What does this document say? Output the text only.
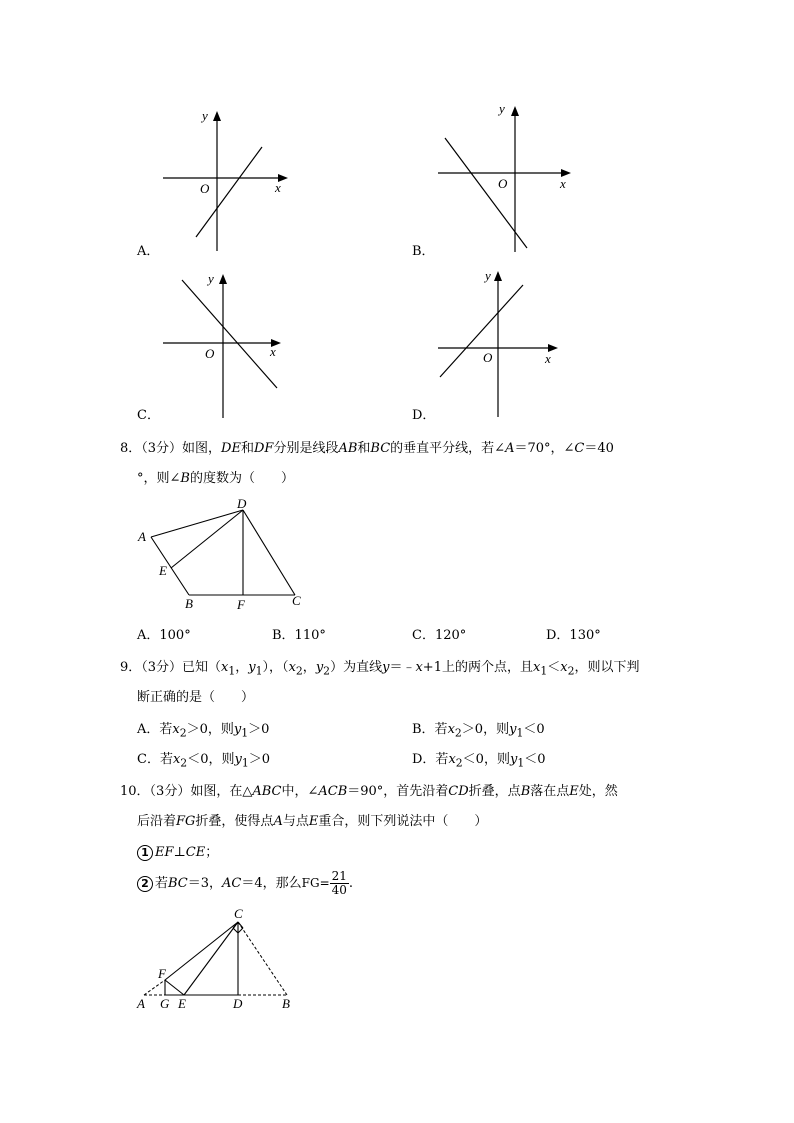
y
x
O
A．
y
x
O
B．
y
x
O
C．
y
x
O
D．
8．（3分）如图，DE和DF分别是线段AB和BC的垂直平分线，若∠A＝70°，∠C＝40
°，则∠B的度数为（　　）
A
D
E
B	F	C
A．100°	B．110°	C．120°	D．130°
9．（3分）已知（$x_1$，$y_1$），（$x_2$，$y_2$）为直线y＝﹣x+1上的两个点，且$x_1<x_2$，则以下判
断正确的是（　　）
A．若$x_2>0$，则$y_1>0$	B．若$x_2>0$，则$y_1<0$
C．若$x_2<0$，则$y_1>0$	D．若$x_2<0$，则$y_1<0$
10．（3分）如图，在△ABC中，∠ACB＝90°，首先沿着CD折叠，点B落在点E处，然
后沿着FG折叠，使得点A与点E重合，则下列说法中（　　）
1 EF⊥CE；
2 若BC＝3，AC＝4，那么$FG= \frac{21}{40}$ .
C
F
A G E	D	B
